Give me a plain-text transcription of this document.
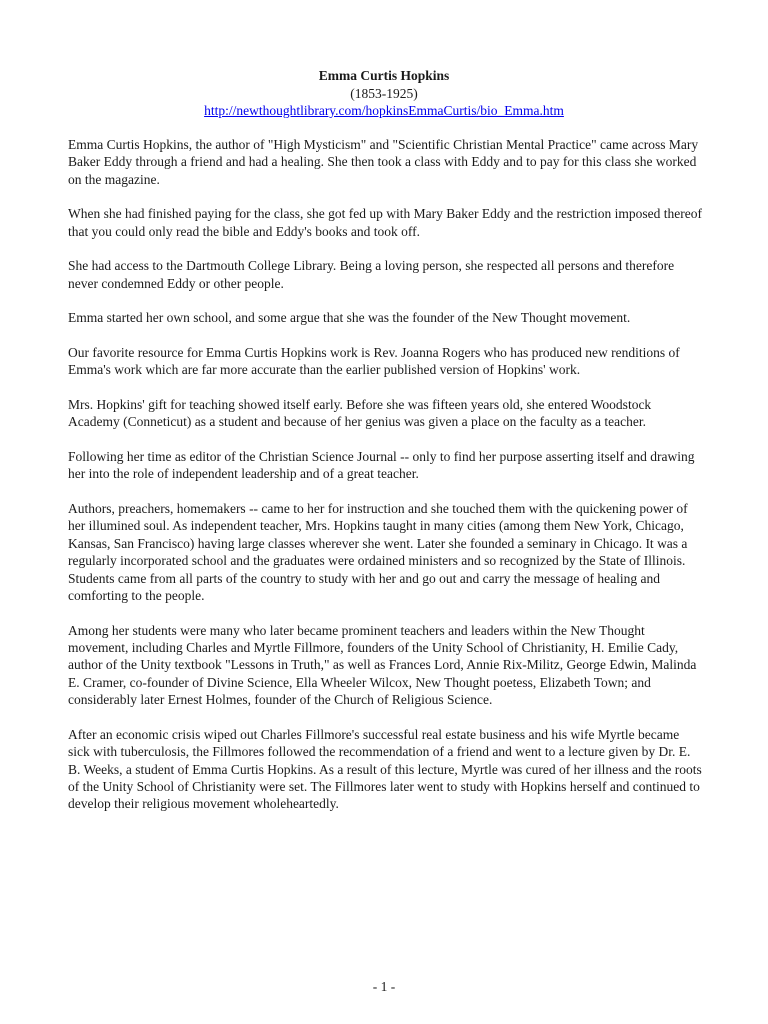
Emma Curtis Hopkins
(1853-1925)
http://newthoughtlibrary.com/hopkinsEmmaCurtis/bio_Emma.htm

Emma Curtis Hopkins, the author of "High Mysticism" and "Scientific Christian Mental Practice" came across Mary Baker Eddy through a friend and had a healing. She then took a class with Eddy and to pay for this class she worked on the magazine.

When she had finished paying for the class, she got fed up with Mary Baker Eddy and the restriction imposed thereof that you could only read the bible and Eddy's books and took off.

She had access to the Dartmouth College Library. Being a loving person, she respected all persons and therefore never condemned Eddy or other people.

Emma started her own school, and some argue that she was the founder of the New Thought movement.

Our favorite resource for Emma Curtis Hopkins work is Rev. Joanna Rogers who has produced new renditions of Emma's work which are far more accurate than the earlier published version of Hopkins' work.

Mrs. Hopkins' gift for teaching showed itself early. Before she was fifteen years old, she entered Woodstock Academy (Conneticut) as a student and because of her genius was given a place on the faculty as a teacher.

Following her time as editor of the Christian Science Journal -- only to find her purpose asserting itself and drawing her into the role of independent leadership and of a great teacher.

Authors, preachers, homemakers -- came to her for instruction and she touched them with the quickening power of her illumined soul. As independent teacher, Mrs. Hopkins taught in many cities (among them New York, Chicago, Kansas, San Francisco) having large classes wherever she went. Later she founded a seminary in Chicago. It was a regularly incorporated school and the graduates were ordained ministers and so recognized by the State of Illinois. Students came from all parts of the country to study with her and go out and carry the message of healing and comforting to the people.

Among her students were many who later became prominent teachers and leaders within the New Thought movement, including Charles and Myrtle Fillmore, founders of the Unity School of Christianity, H. Emilie Cady, author of the Unity textbook "Lessons in Truth," as well as Frances Lord, Annie Rix-Militz, George Edwin, Malinda E. Cramer, co-founder of Divine Science, Ella Wheeler Wilcox, New Thought poetess, Elizabeth Town; and considerably later Ernest Holmes, founder of the Church of Religious Science.

After an economic crisis wiped out Charles Fillmore's successful real estate business and his wife Myrtle became sick with tuberculosis, the Fillmores followed the recommendation of a friend and went to a lecture given by Dr. E. B. Weeks, a student of Emma Curtis Hopkins. As a result of this lecture, Myrtle was cured of her illness and the roots of the Unity School of Christianity were set. The Fillmores later went to study with Hopkins herself and continued to develop their religious movement wholeheartedly.

- 1 -
